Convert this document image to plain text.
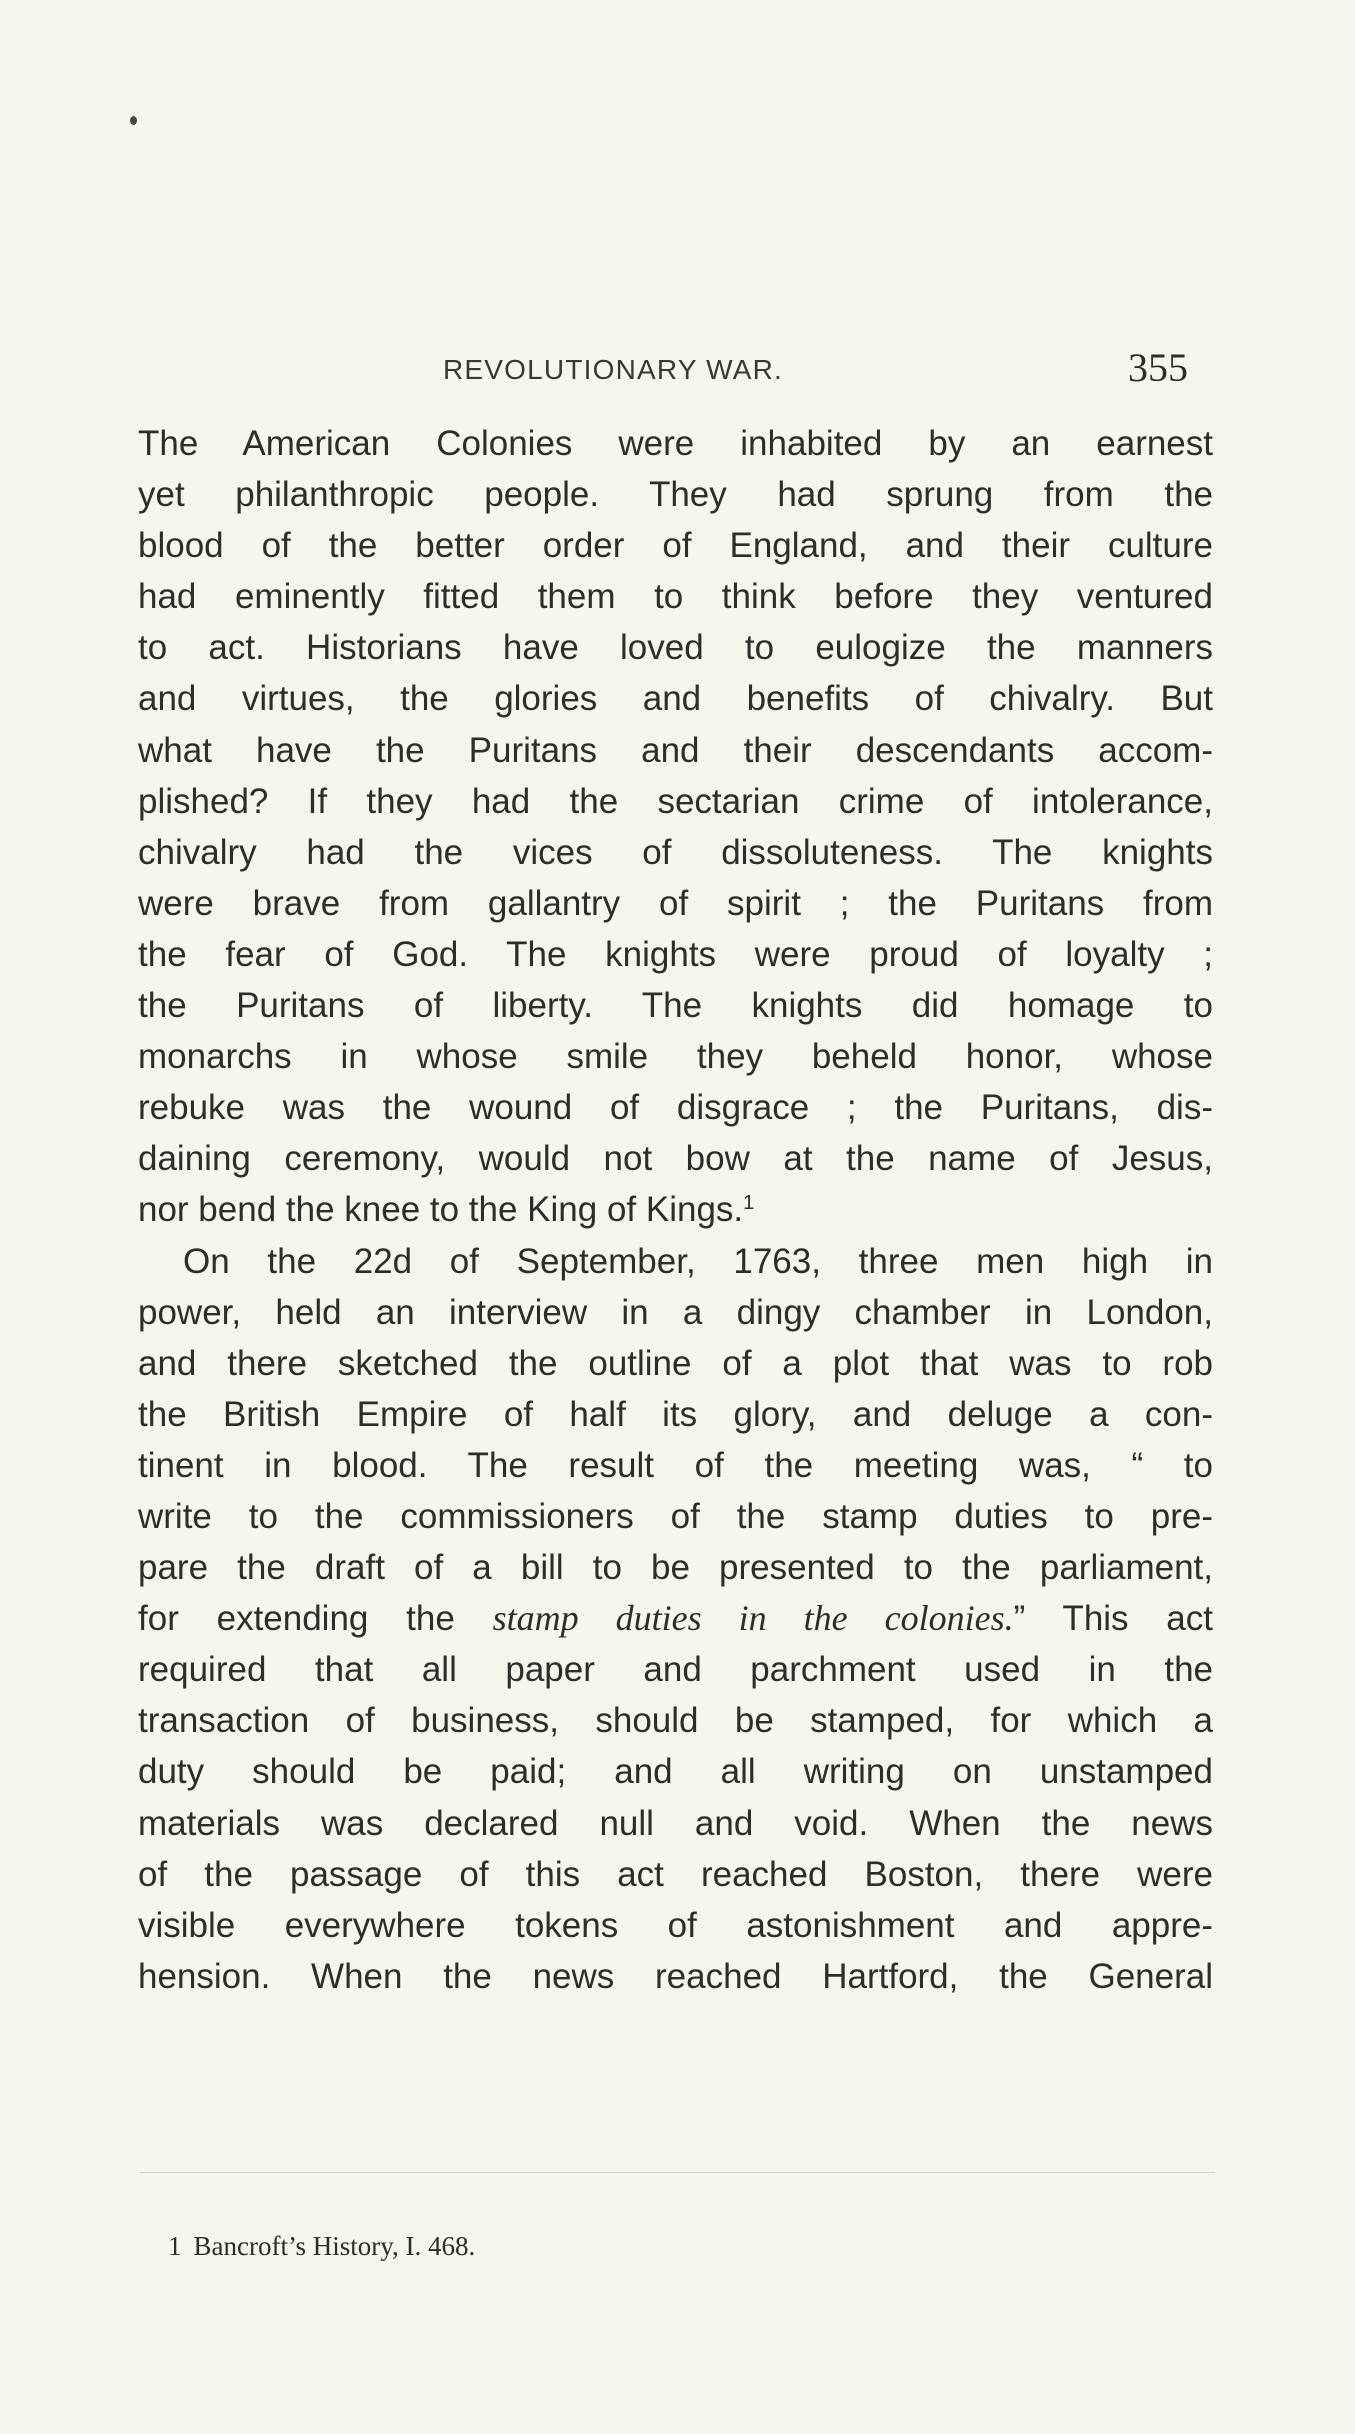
REVOLUTIONARY WAR.	355
The American Colonies were inhabited by an earnest
yet philanthropic people. They had sprung from the
blood of the better order of England, and their culture
had eminently fitted them to think before they ventured
to act. Historians have loved to eulogize the manners
and virtues, the glories and benefits of chivalry. But
what have the Puritans and their descendants accom-
plished? If they had the sectarian crime of intolerance,
chivalry had the vices of dissoluteness. The knights
were brave from gallantry of spirit ; the Puritans from
the fear of God. The knights were proud of loyalty ;
the Puritans of liberty. The knights did homage to
monarchs in whose smile they beheld honor, whose
rebuke was the wound of disgrace ; the Puritans, dis-
daining ceremony, would not bow at the name of Jesus,
nor bend the knee to the King of Kings.$^1$
On the 22d of September, 1763, three men high in
power, held an interview in a dingy chamber in London,
and there sketched the outline of a plot that was to rob
the British Empire of half its glory, and deluge a con-
tinent in blood. The result of the meeting was, “ to
write to the commissioners of the stamp duties to pre-
pare the draft of a bill to be presented to the parliament,
for extending the stamp duties in the colonies.” This act
required that all paper and parchment used in the
transaction of business, should be stamped, for which a
duty should be paid; and all writing on unstamped
materials was declared null and void. When the news
of the passage of this act reached Boston, there were
visible everywhere tokens of astonishment and appre-
hension. When the news reached Hartford, the General
1 Bancroft’s History, I. 468.
